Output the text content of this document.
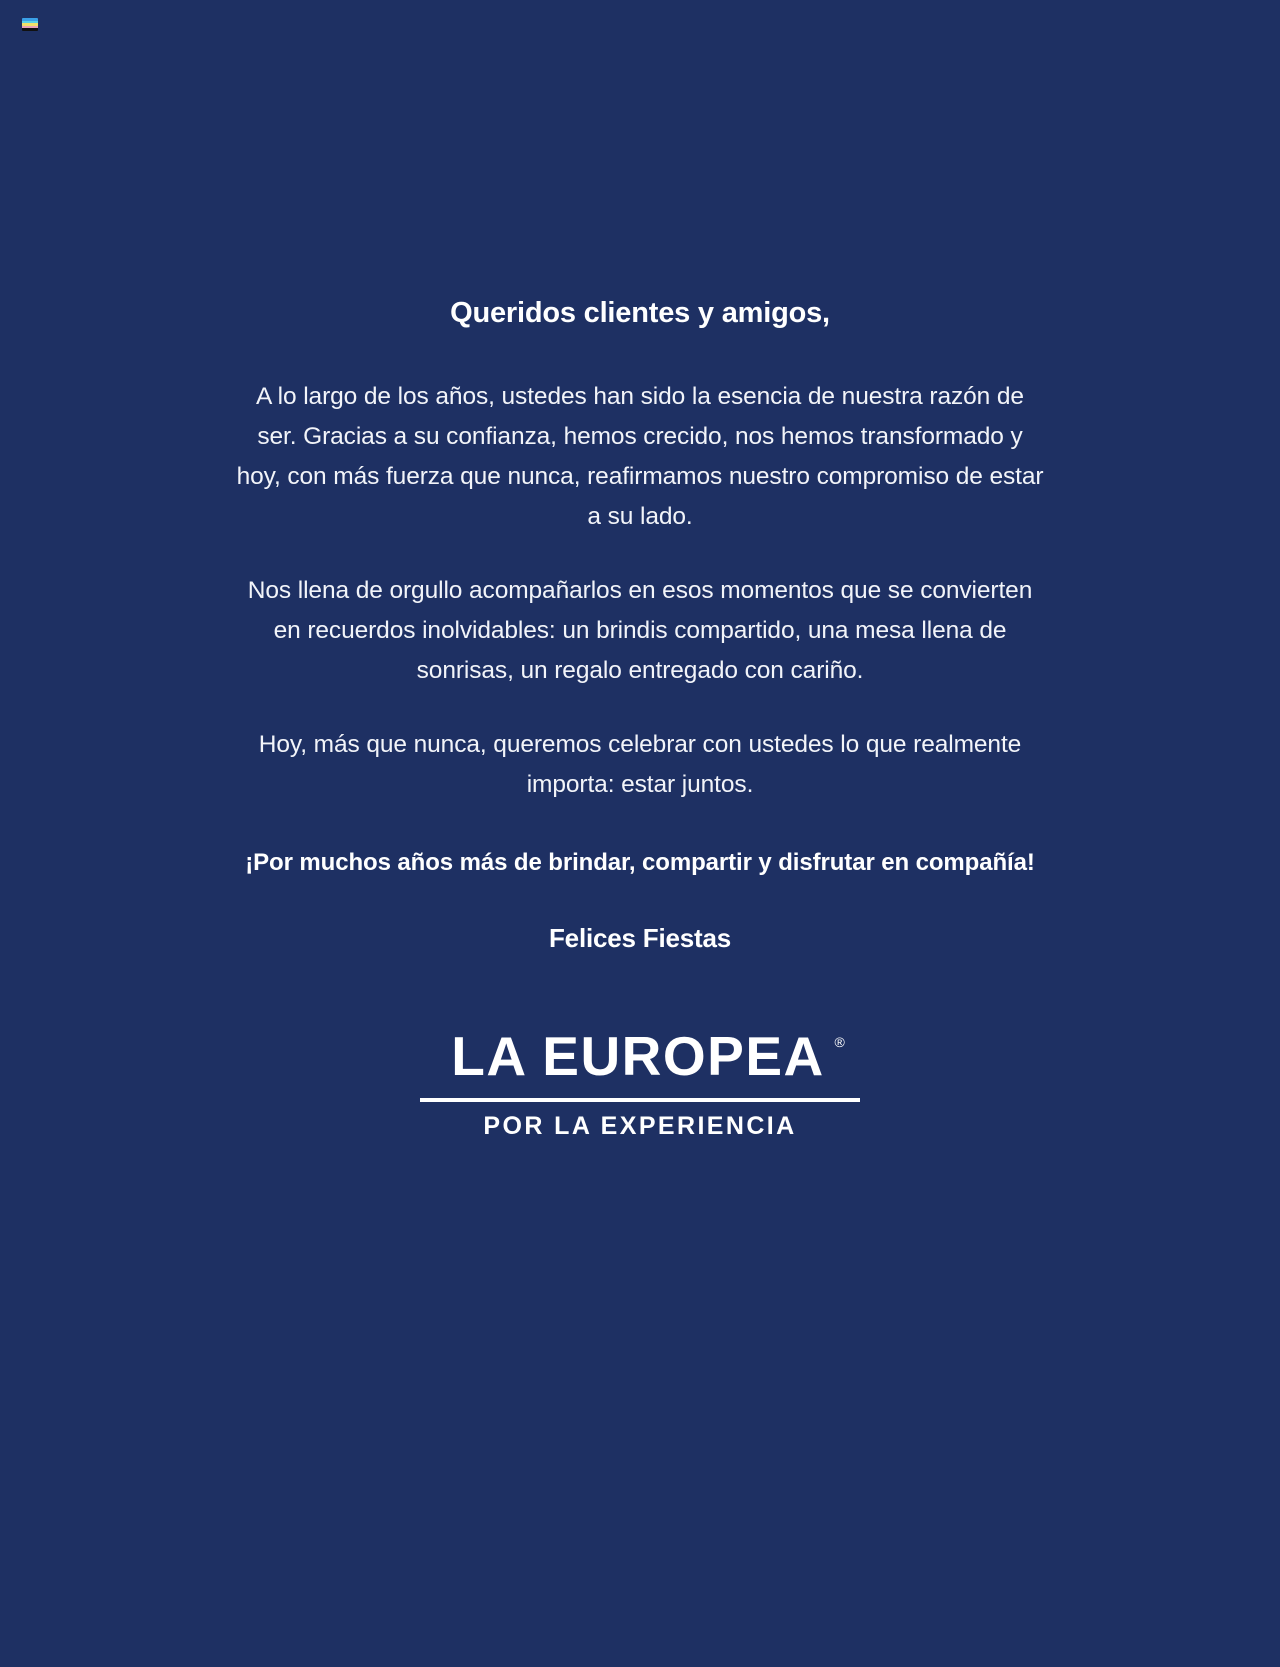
Queridos clientes y amigos,

A lo largo de los años, ustedes han sido la esencia de nuestra razón de ser. Gracias a su confianza, hemos crecido, nos hemos transformado y hoy, con más fuerza que nunca, reafirmamos nuestro compromiso de estar a su lado.

Nos llena de orgullo acompañarlos en esos momentos que se convierten en recuerdos inolvidables: un brindis compartido, una mesa llena de sonrisas, un regalo entregado con cariño.

Hoy, más que nunca, queremos celebrar con ustedes lo que realmente importa: estar juntos.

¡Por muchos años más de brindar, compartir y disfrutar en compañía!

Felices Fiestas

LA EUROPEA ®
POR LA EXPERIENCIA
